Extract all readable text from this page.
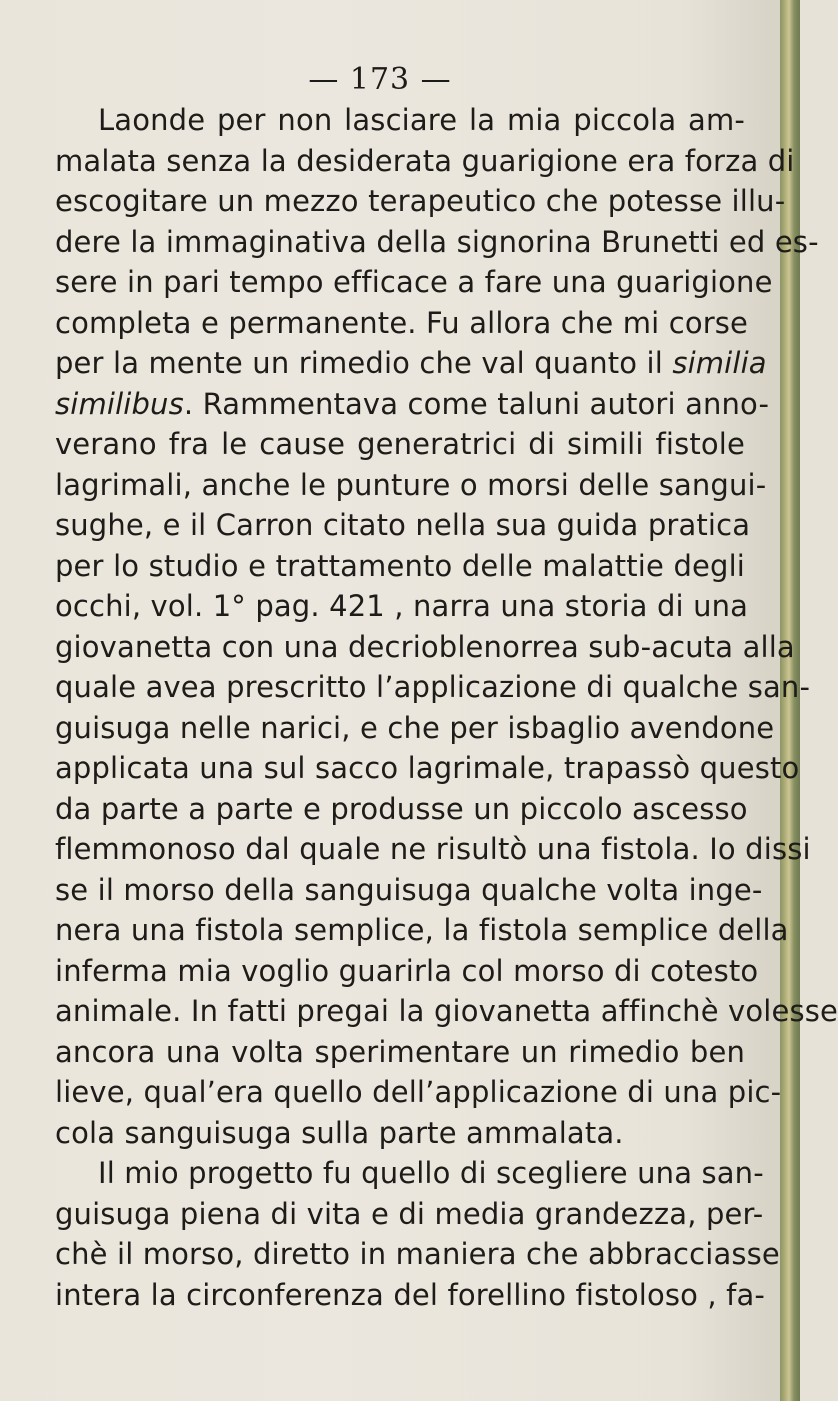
— 173 —
Laonde per non lasciare la mia piccola am-
malata senza la desiderata guarigione era forza di
escogitare un mezzo terapeutico che potesse illu-
dere la immaginativa della signorina Brunetti ed es-
sere in pari tempo efficace a fare una guarigione
completa e permanente. Fu allora che mi corse
per la mente un rimedio che val quanto il similia
similibus. Rammentava come taluni autori anno-
verano fra le cause generatrici di simili fistole
lagrimali, anche le punture o morsi delle sangui-
sughe, e il Carron citato nella sua guida pratica
per lo studio e trattamento delle malattie degli
occhi, vol. 1° pag. 421 , narra una storia di una
giovanetta con una decrioblenorrea sub-acuta alla
quale avea prescritto l’applicazione di qualche san-
guisuga nelle narici, e che per isbaglio avendone
applicata una sul sacco lagrimale, trapassò questo
da parte a parte e produsse un piccolo ascesso
flemmonoso dal quale ne risultò una fistola. Io dissi
se il morso della sanguisuga qualche volta inge-
nera una fistola semplice, la fistola semplice della
inferma mia voglio guarirla col morso di cotesto
animale. In fatti pregai la giovanetta affinchè volesse
ancora una volta sperimentare un rimedio ben
lieve, qual’era quello dell’applicazione di una pic-
cola sanguisuga sulla parte ammalata.
Il mio progetto fu quello di scegliere una san-
guisuga piena di vita e di media grandezza, per-
chè il morso, diretto in maniera che abbracciasse
intera la circonferenza del forellino fistoloso , fa-
